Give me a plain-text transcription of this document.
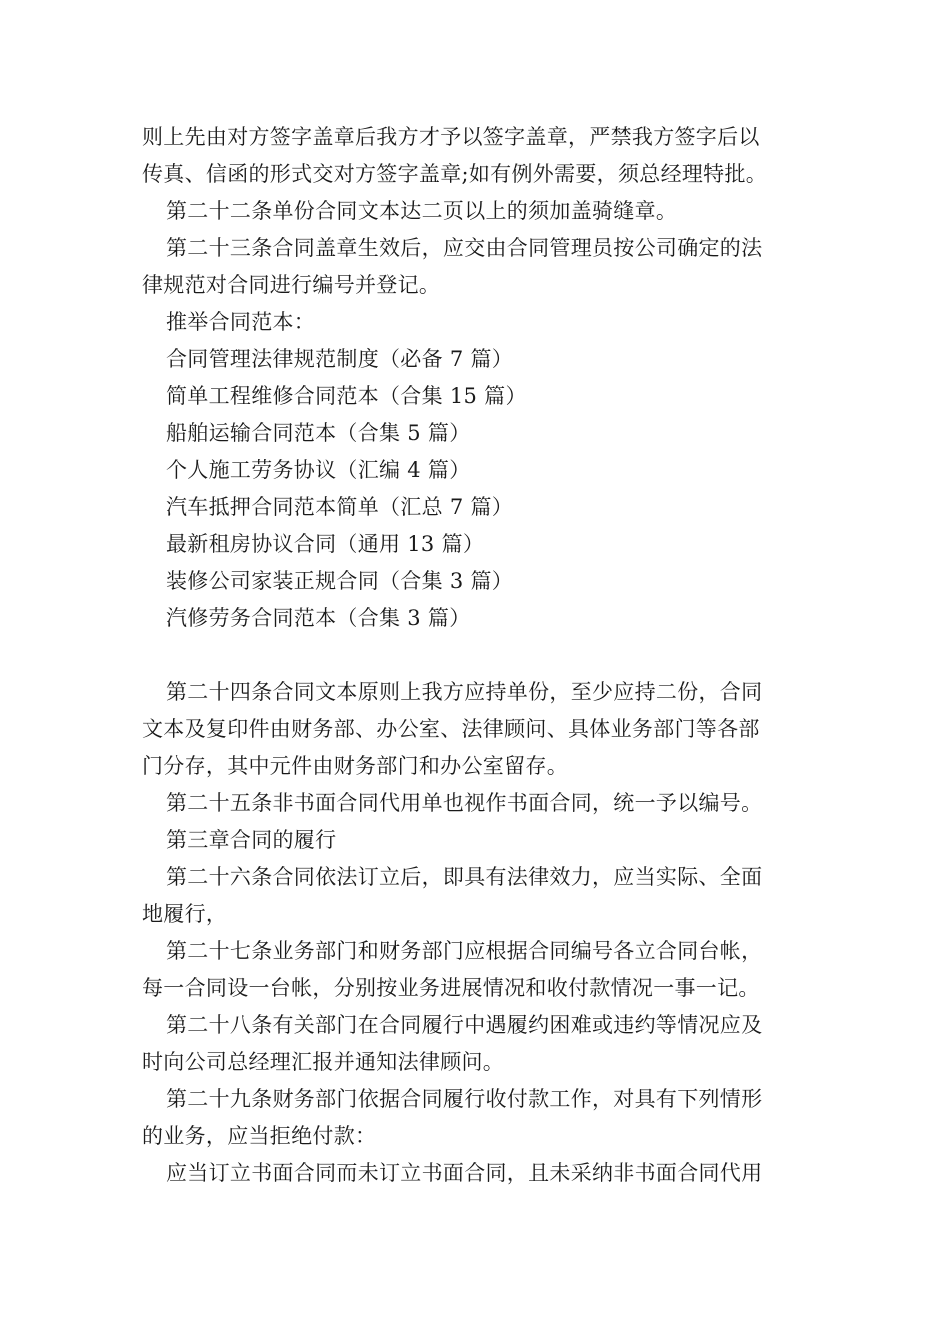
则上先由对方签字盖章后我方才予以签字盖章，严禁我方签字后以
传真、信函的形式交对方签字盖章;如有例外需要，须总经理特批。
第二十二条单份合同文本达二页以上的须加盖骑缝章。
第二十三条合同盖章生效后，应交由合同管理员按公司确定的法
律规范对合同进行编号并登记。
推举合同范本：
合同管理法律规范制度（必备 7 篇）
简单工程维修合同范本（合集 15 篇）
船舶运输合同范本（合集 5 篇）
个人施工劳务协议（汇编 4 篇）
汽车抵押合同范本简单（汇总 7 篇）
最新租房协议合同（通用 13 篇）
装修公司家装正规合同（合集 3 篇）
汽修劳务合同范本（合集 3 篇）
第二十四条合同文本原则上我方应持单份，至少应持二份，合同
文本及复印件由财务部、办公室、法律顾问、具体业务部门等各部
门分存，其中元件由财务部门和办公室留存。
第二十五条非书面合同代用单也视作书面合同，统一予以编号。
第三章合同的履行
第二十六条合同依法订立后，即具有法律效力，应当实际、全面
地履行，
第二十七条业务部门和财务部门应根据合同编号各立合同台帐，
每一合同设一台帐，分别按业务进展情况和收付款情况一事一记。
第二十八条有关部门在合同履行中遇履约困难或违约等情况应及
时向公司总经理汇报并通知法律顾问。
第二十九条财务部门依据合同履行收付款工作，对具有下列情形
的业务，应当拒绝付款：
应当订立书面合同而未订立书面合同，且未采纳非书面合同代用
